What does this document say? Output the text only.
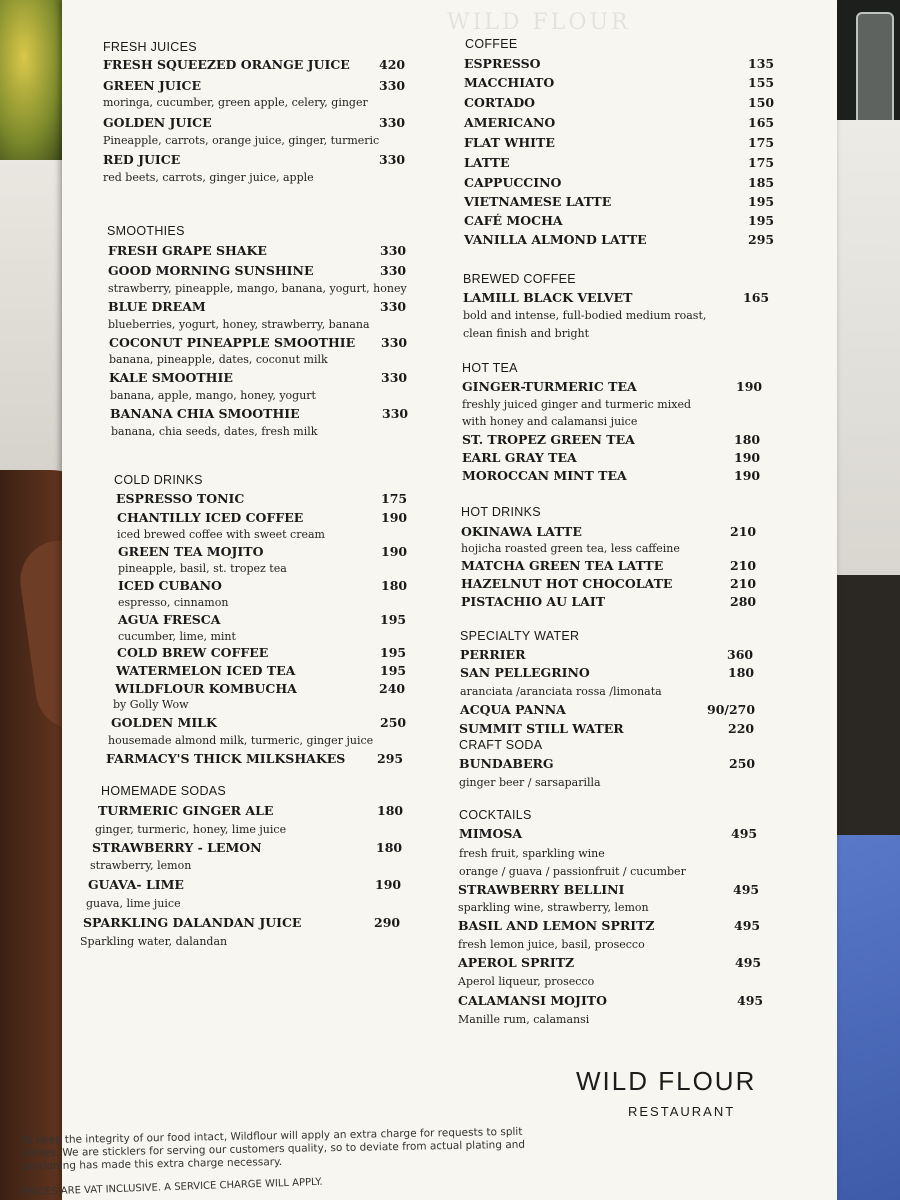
WILD FLOUR
FRESH JUICES
FRESH SQUEEZED ORANGE JUICE 420
GREEN JUICE	330
moringa, cucumber, green apple, celery, ginger
GOLDEN JUICE	330
Pineapple, carrots, orange juice, ginger, turmeric
RED JUICE	330
red beets, carrots, ginger juice, apple
SMOOTHIES
FRESH GRAPE SHAKE	330
GOOD MORNING SUNSHINE	330
strawberry, pineapple, mango, banana, yogurt, honey
BLUE DREAM	330
blueberries, yogurt, honey, strawberry, banana
COCONUT PINEAPPLE SMOOTHIE 330
banana, pineapple, dates, coconut milk
KALE SMOOTHIE	330
banana, apple, mango, honey, yogurt
BANANA CHIA SMOOTHIE	330
banana, chia seeds, dates, fresh milk
COLD DRINKS
ESPRESSO TONIC	175
CHANTILLY ICED COFFEE	190
iced brewed coffee with sweet cream
GREEN TEA MOJITO	190
pineapple, basil, st. tropez tea
ICED CUBANO	180
espresso, cinnamon
AGUA FRESCA	195
cucumber, lime, mint
COLD BREW COFFEE	195
WATERMELON ICED TEA	195
WILDFLOUR KOMBUCHA	240
by Golly Wow
GOLDEN MILK	250
housemade almond milk, turmeric, ginger juice
FARMACY'S THICK MILKSHAKES	295
HOMEMADE SODAS
TURMERIC GINGER ALE	180
ginger, turmeric, honey, lime juice
STRAWBERRY - LEMON	180
strawberry, lemon
GUAVA- LIME	190
guava, lime juice
SPARKLING DALANDAN JUICE	290
Sparkling water, dalandan
COFFEE
ESPRESSO	135
MACCHIATO	155
CORTADO	150
AMERICANO	165
FLAT WHITE	175
LATTE	175
CAPPUCCINO	185
VIETNAMESE LATTE	195
CAFÉ MOCHA	195
VANILLA ALMOND LATTE	295
BREWED COFFEE
LAMILL BLACK VELVET	165
bold and intense, full-bodied medium roast,
clean finish and bright
HOT TEA
GINGER-TURMERIC TEA	190
freshly juiced ginger and turmeric mixed
with honey and calamansi juice
ST. TROPEZ GREEN TEA	180
EARL GRAY TEA	190
MOROCCAN MINT TEA	190
HOT DRINKS
OKINAWA LATTE	210
hojicha roasted green tea, less caffeine
MATCHA GREEN TEA LATTE	210
HAZELNUT HOT CHOCOLATE	210
PISTACHIO AU LAIT	280
SPECIALTY WATER
PERRIER	360
SAN PELLEGRINO	180
aranciata /aranciata rossa /limonata
ACQUA PANNA	90/270
SUMMIT STILL WATER	220
CRAFT SODA
BUNDABERG	250
ginger beer / sarsaparilla
COCKTAILS
MIMOSA	495
fresh fruit, sparkling wine
orange / guava / passionfruit / cucumber
STRAWBERRY BELLINI	495
sparkling wine, strawberry, lemon
BASIL AND LEMON SPRITZ	495
fresh lemon juice, basil, prosecco
APEROL SPRITZ	495
Aperol liqueur, prosecco
CALAMANSI MOJITO	495
Manille rum, calamansi
WILD FLOUR
RESTAURANT
To keep the integrity of our food intact, Wildflour will apply an extra charge for requests to split dishes. We are sticklers for serving our customers quality, so to deviate from actual plating and portioning has made this extra charge necessary.
PRICES ARE VAT INCLUSIVE. A SERVICE CHARGE WILL APPLY.
